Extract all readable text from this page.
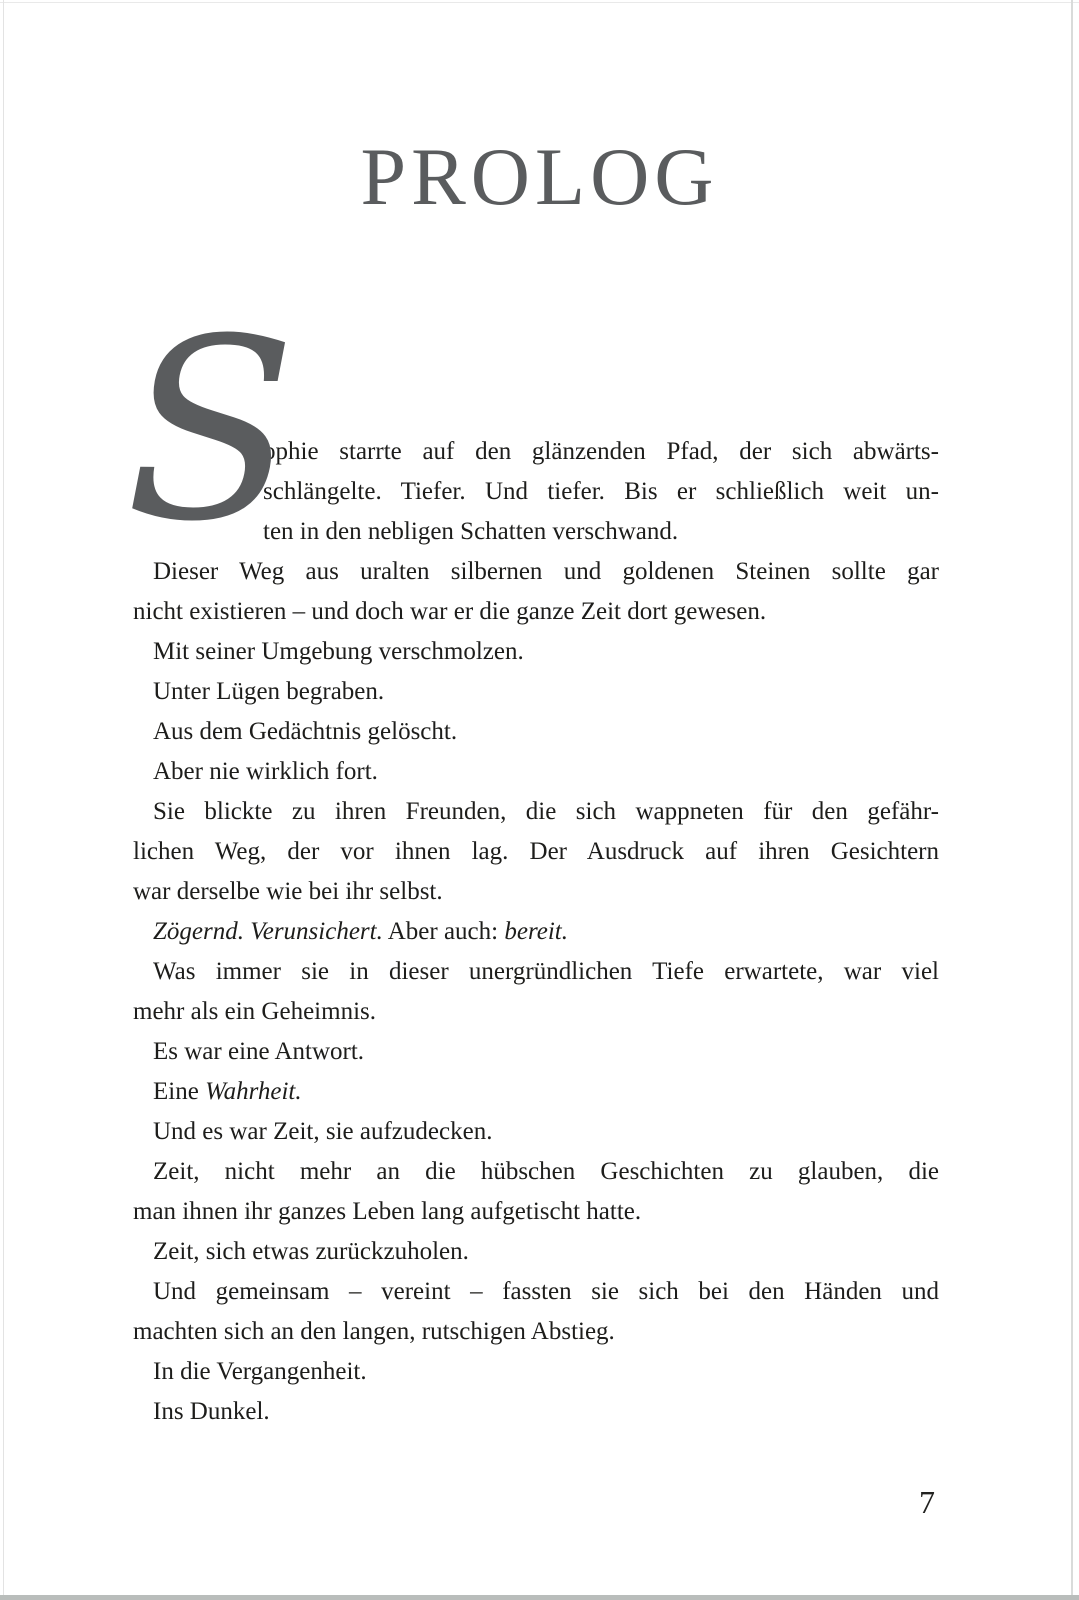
PROLOG
S
ophie starrte auf den glänzenden Pfad, der sich abwärts-
schlängelte. Tiefer. Und tiefer. Bis er schließlich weit un-
ten in den nebligen Schatten verschwand.
Dieser Weg aus uralten silbernen und goldenen Steinen sollte gar
nicht existieren – und doch war er die ganze Zeit dort gewesen.
Mit seiner Umgebung verschmolzen.
Unter Lügen begraben.
Aus dem Gedächtnis gelöscht.
Aber nie wirklich fort.
Sie blickte zu ihren Freunden, die sich wappneten für den gefähr-
lichen Weg, der vor ihnen lag. Der Ausdruck auf ihren Gesichtern
war derselbe wie bei ihr selbst.
Zögernd. Verunsichert. Aber auch: bereit.
Was immer sie in dieser unergründlichen Tiefe erwartete, war viel
mehr als ein Geheimnis.
Es war eine Antwort.
Eine Wahrheit.
Und es war Zeit, sie aufzudecken.
Zeit, nicht mehr an die hübschen Geschichten zu glauben, die
man ihnen ihr ganzes Leben lang aufgetischt hatte.
Zeit, sich etwas zurückzuholen.
Und gemeinsam – vereint – fassten sie sich bei den Händen und
machten sich an den langen, rutschigen Abstieg.
In die Vergangenheit.
Ins Dunkel.
7
